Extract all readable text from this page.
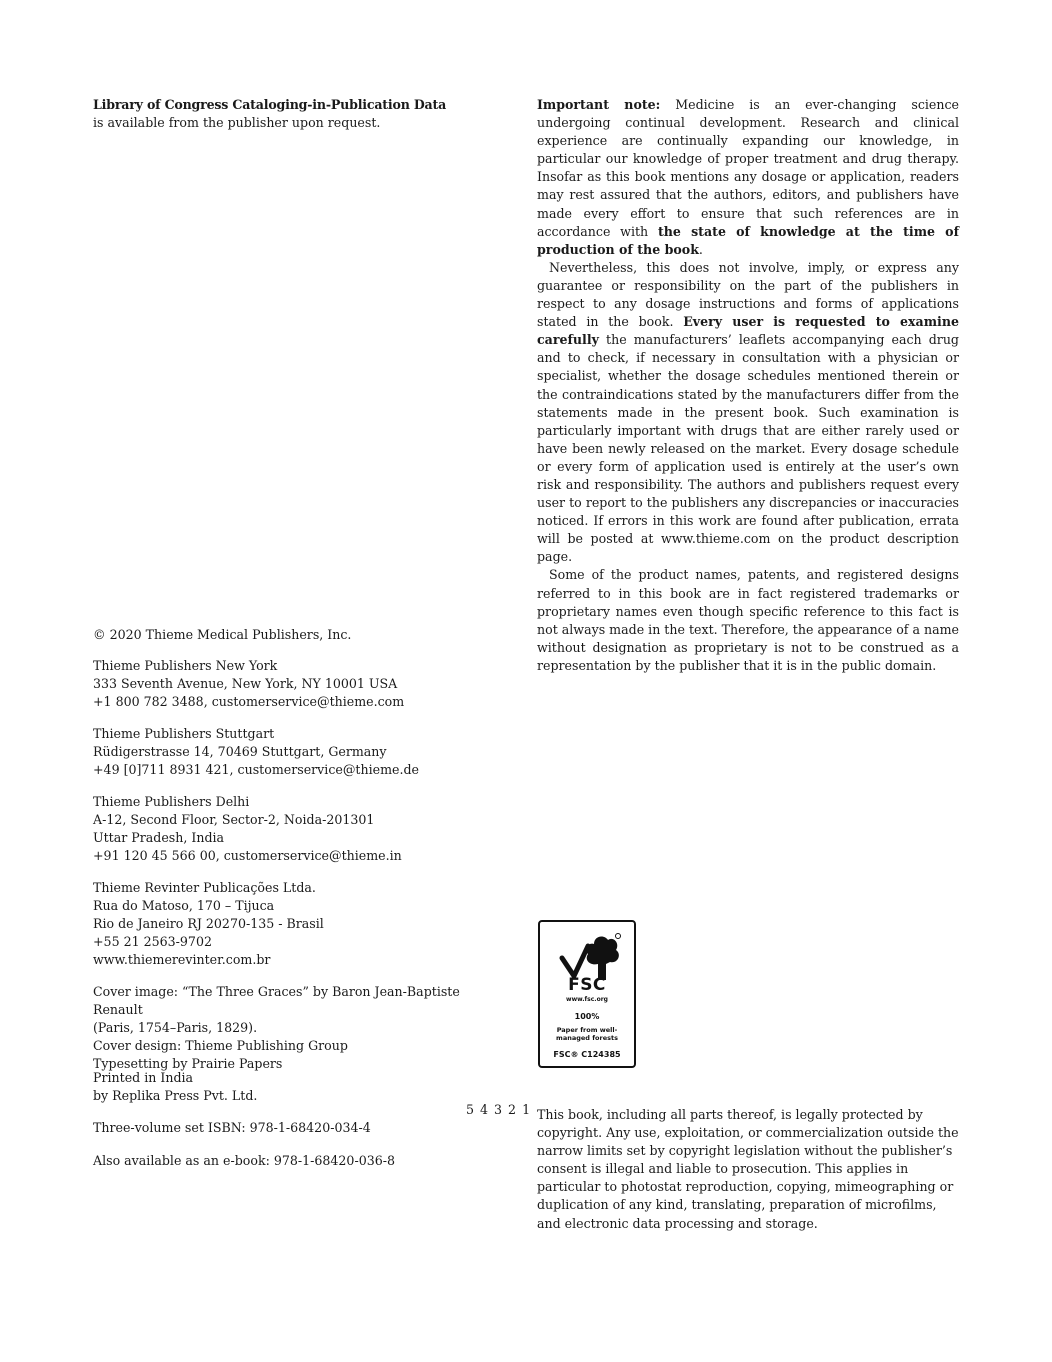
Library of Congress Cataloging-in-Publication Data

is available from the publisher upon request.

© 2020 Thieme Medical Publishers, Inc.

Thieme Publishers New York

333 Seventh Avenue, New York, NY 10001 USA

+1 800 782 3488, customerservice@thieme.com

Thieme Publishers Stuttgart

Rüdigerstrasse 14, 70469 Stuttgart, Germany

+49 [0]711 8931 421, customerservice@thieme.de

Thieme Publishers Delhi

A-12, Second Floor, Sector-2, Noida-201301

Uttar Pradesh, India

+91 120 45 566 00, customerservice@thieme.in

Thieme Revinter Publicações Ltda.

Rua do Matoso, 170 – Tijuca

Rio de Janeiro RJ 20270-135 - Brasil

+55 21 2563-9702

www.thiemerevinter.com.br

Cover image: “The Three Graces” by Baron Jean-Baptiste Renault

(Paris, 1754–Paris, 1829).

Cover design: Thieme Publishing Group

Typesetting by Prairie Papers

Printed in India

by Replika Press Pvt. Ltd.

5 4 3 2 1

Three-volume set ISBN: 978-1-68420-034-4

Also available as an e-book: 978-1-68420-036-8

Important note: Medicine is an ever-changing science undergoing continual development. Research and clinical experience are continually expanding our knowledge, in particular our knowledge of proper treatment and drug therapy. Insofar as this book mentions any dosage or application, readers may rest assured that the authors, editors, and publishers have made every effort to ensure that such references are in accordance with the state of knowledge at the time of production of the book.

Nevertheless, this does not involve, imply, or express any guarantee or responsibility on the part of the publishers in respect to any dosage instructions and forms of applications stated in the book. Every user is requested to examine carefully the manufacturers’ leaflets accompanying each drug and to check, if necessary in consultation with a physician or specialist, whether the dosage schedules mentioned therein or the contraindications stated by the manufacturers differ from the statements made in the present book. Such examination is particularly important with drugs that are either rarely used or have been newly released on the market. Every dosage schedule or every form of application used is entirely at the user’s own risk and responsibility. The authors and publishers request every user to report to the publishers any discrepancies or inaccuracies noticed. If errors in this work are found after publication, errata will be posted at www.thieme.com on the product description page.

Some of the product names, patents, and registered designs referred to in this book are in fact registered trademarks or proprietary names even though specific reference to this fact is not always made in the text. Therefore, the appearance of a name without designation as proprietary is not to be construed as a representation by the publisher that it is in the public domain.

FSC
www.fsc.org
100%
Paper from well-managed forests
FSC® C124385

This book, including all parts thereof, is legally protected by copyright. Any use, exploitation, or commercialization outside the narrow limits set by copyright legislation without the publisher’s consent is illegal and liable to prosecution. This applies in particular to photostat reproduction, copying, mimeographing or duplication of any kind, translating, preparation of microfilms, and electronic data processing and storage.
